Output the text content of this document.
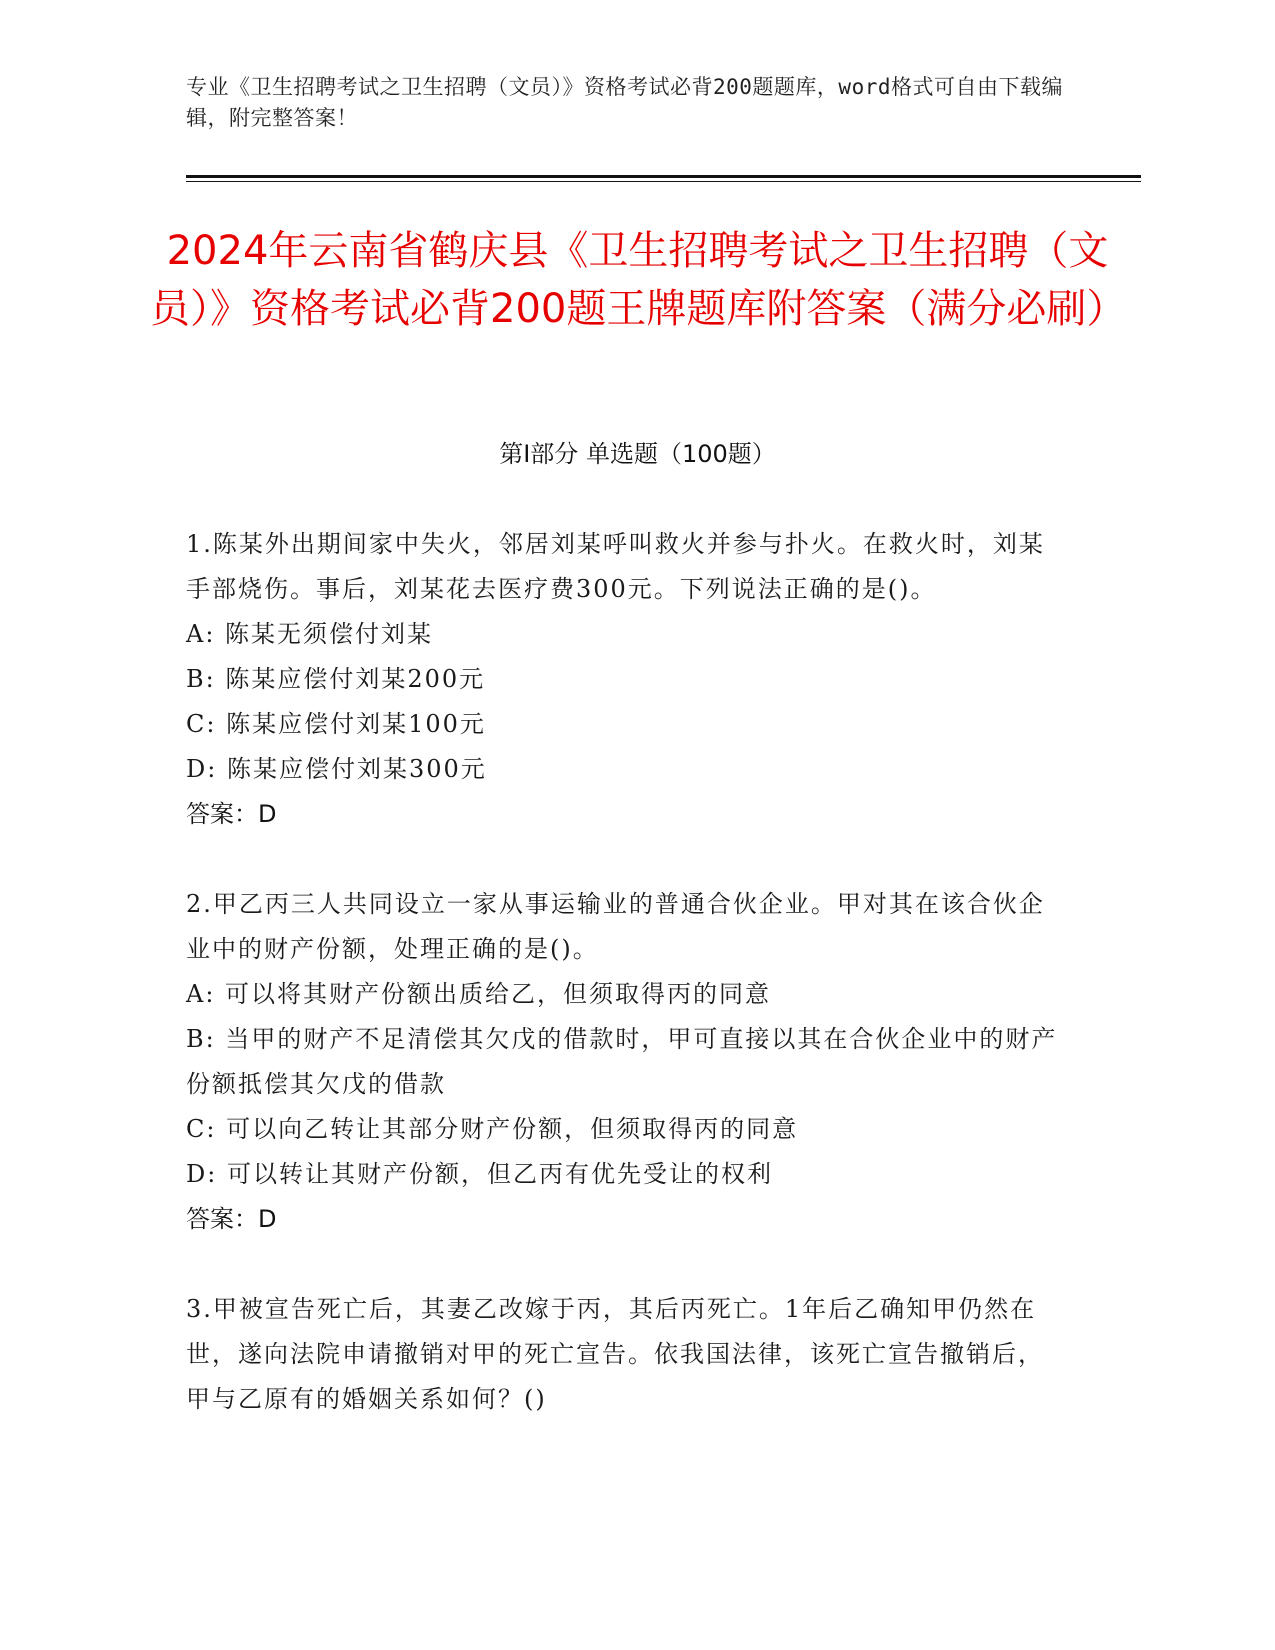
专业《卫生招聘考试之卫生招聘（文员）》资格考试必背200题题库，word格式可自由下载编辑，附完整答案！
2024年云南省鹤庆县《卫生招聘考试之卫生招聘（文员）》资格考试必背200题王牌题库附答案（满分必刷）
第I部分 单选题（100题）
1.陈某外出期间家中失火，邻居刘某呼叫救火并参与扑火。在救火时，刘某手部烧伤。事后，刘某花去医疗费300元。下列说法正确的是()。
A: 陈某无须偿付刘某
B: 陈某应偿付刘某200元
C: 陈某应偿付刘某100元
D: 陈某应偿付刘某300元
答案：D
2.甲乙丙三人共同设立一家从事运输业的普通合伙企业。甲对其在该合伙企业中的财产份额，处理正确的是()。
A: 可以将其财产份额出质给乙，但须取得丙的同意
B: 当甲的财产不足清偿其欠戊的借款时，甲可直接以其在合伙企业中的财产份额抵偿其欠戊的借款
C: 可以向乙转让其部分财产份额，但须取得丙的同意
D: 可以转让其财产份额，但乙丙有优先受让的权利
答案：D
3.甲被宣告死亡后，其妻乙改嫁于丙，其后丙死亡。1年后乙确知甲仍然在世，遂向法院申请撤销对甲的死亡宣告。依我国法律，该死亡宣告撤销后，甲与乙原有的婚姻关系如何？()
